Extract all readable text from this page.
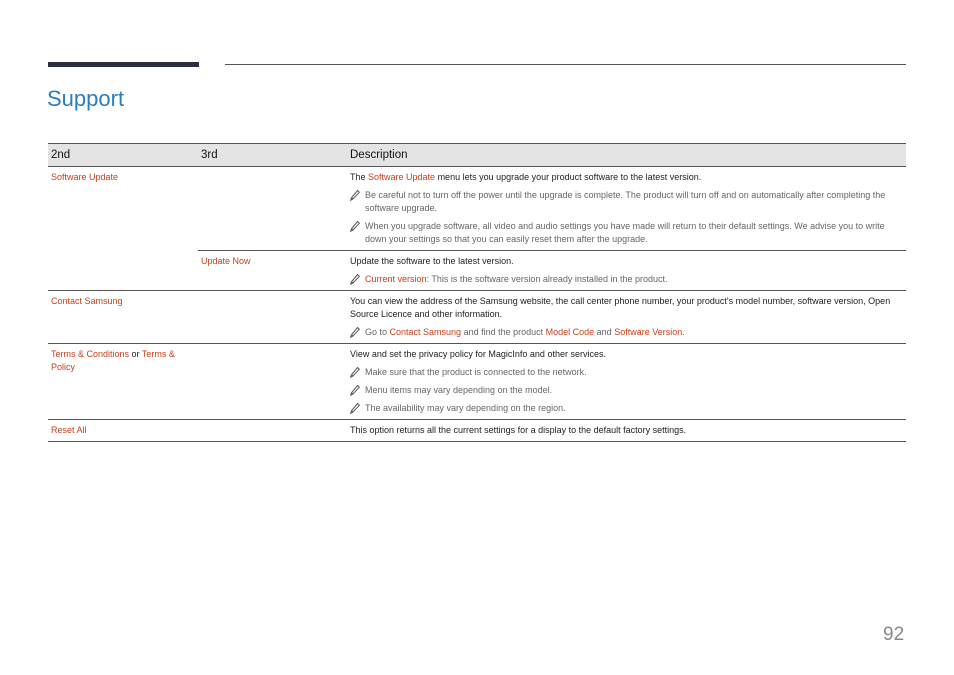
Support
2nd	3rd	Description
Software Update		The Software Update menu lets you upgrade your product software to the latest version.
Be careful not to turn off the power until the upgrade is complete. The product will turn off and on automatically after completing the software upgrade.
When you upgrade software, all video and audio settings you have made will return to their default settings. We advise you to write down your settings so that you can easily reset them after the upgrade.

	Update Now	Update the software to the latest version.
Current version: This is the software version already installed in the product.

Contact Samsung		You can view the address of the Samsung website, the call center phone number, your product's model number, software version, Open Source Licence and other information.
Go to Contact Samsung and find the product Model Code and Software Version.

Terms & Conditions or Terms & Policy		View and set the privacy policy for MagicInfo and other services.
Make sure that the product is connected to the network.
Menu items may vary depending on the model.
The availability may vary depending on the region.

Reset All		This option returns all the current settings for a display to the default factory settings.
92
